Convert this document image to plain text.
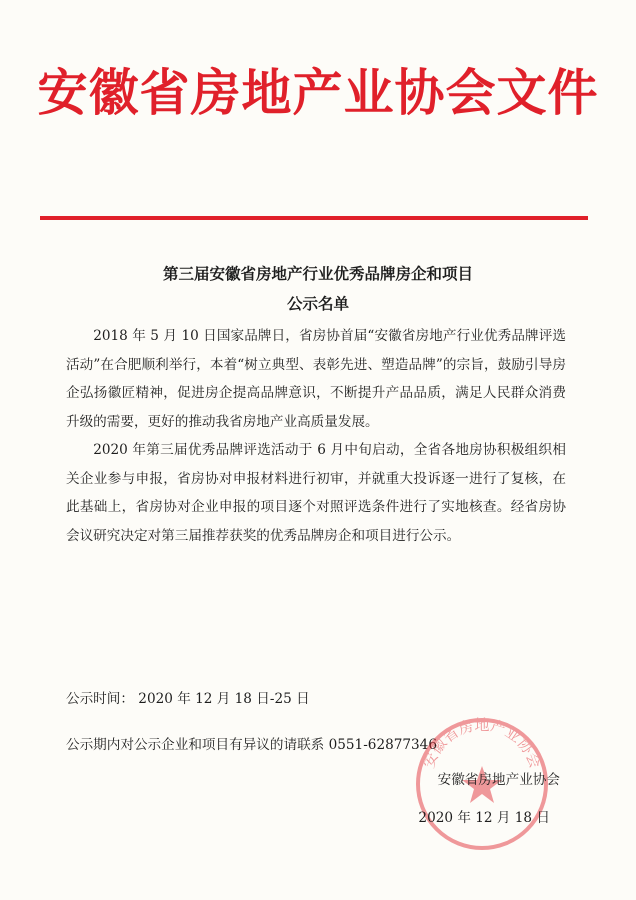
安徽省房地产业协会文件
第三届安徽省房地产行业优秀品牌房企和项目
公示名单

2018 年 5 月 10 日国家品牌日，省房协首届“安徽省房地产行业优秀品牌评选活动”在合肥顺利举行，本着“树立典型、表彰先进、塑造品牌”的宗旨，鼓励引导房企弘扬徽匠精神，促进房企提高品牌意识，不断提升产品品质，满足人民群众消费升级的需要，更好的推动我省房地产业高质量发展。

2020 年第三届优秀品牌评选活动于 6 月中旬启动，全省各地房协积极组织相关企业参与申报，省房协对申报材料进行初审，并就重大投诉逐一进行了复核，在此基础上，省房协对企业申报的项目逐个对照评选条件进行了实地核查。经省房协会议研究决定对第三届推荐获奖的优秀品牌房企和项目进行公示。

公示时间： 2020 年 12 月 18 日-25 日
公示期内对公示企业和项目有异议的请联系 0551-62877346
安徽省房地产业协会
安徽省房地产业协会
2020 年 12 月 18 日
